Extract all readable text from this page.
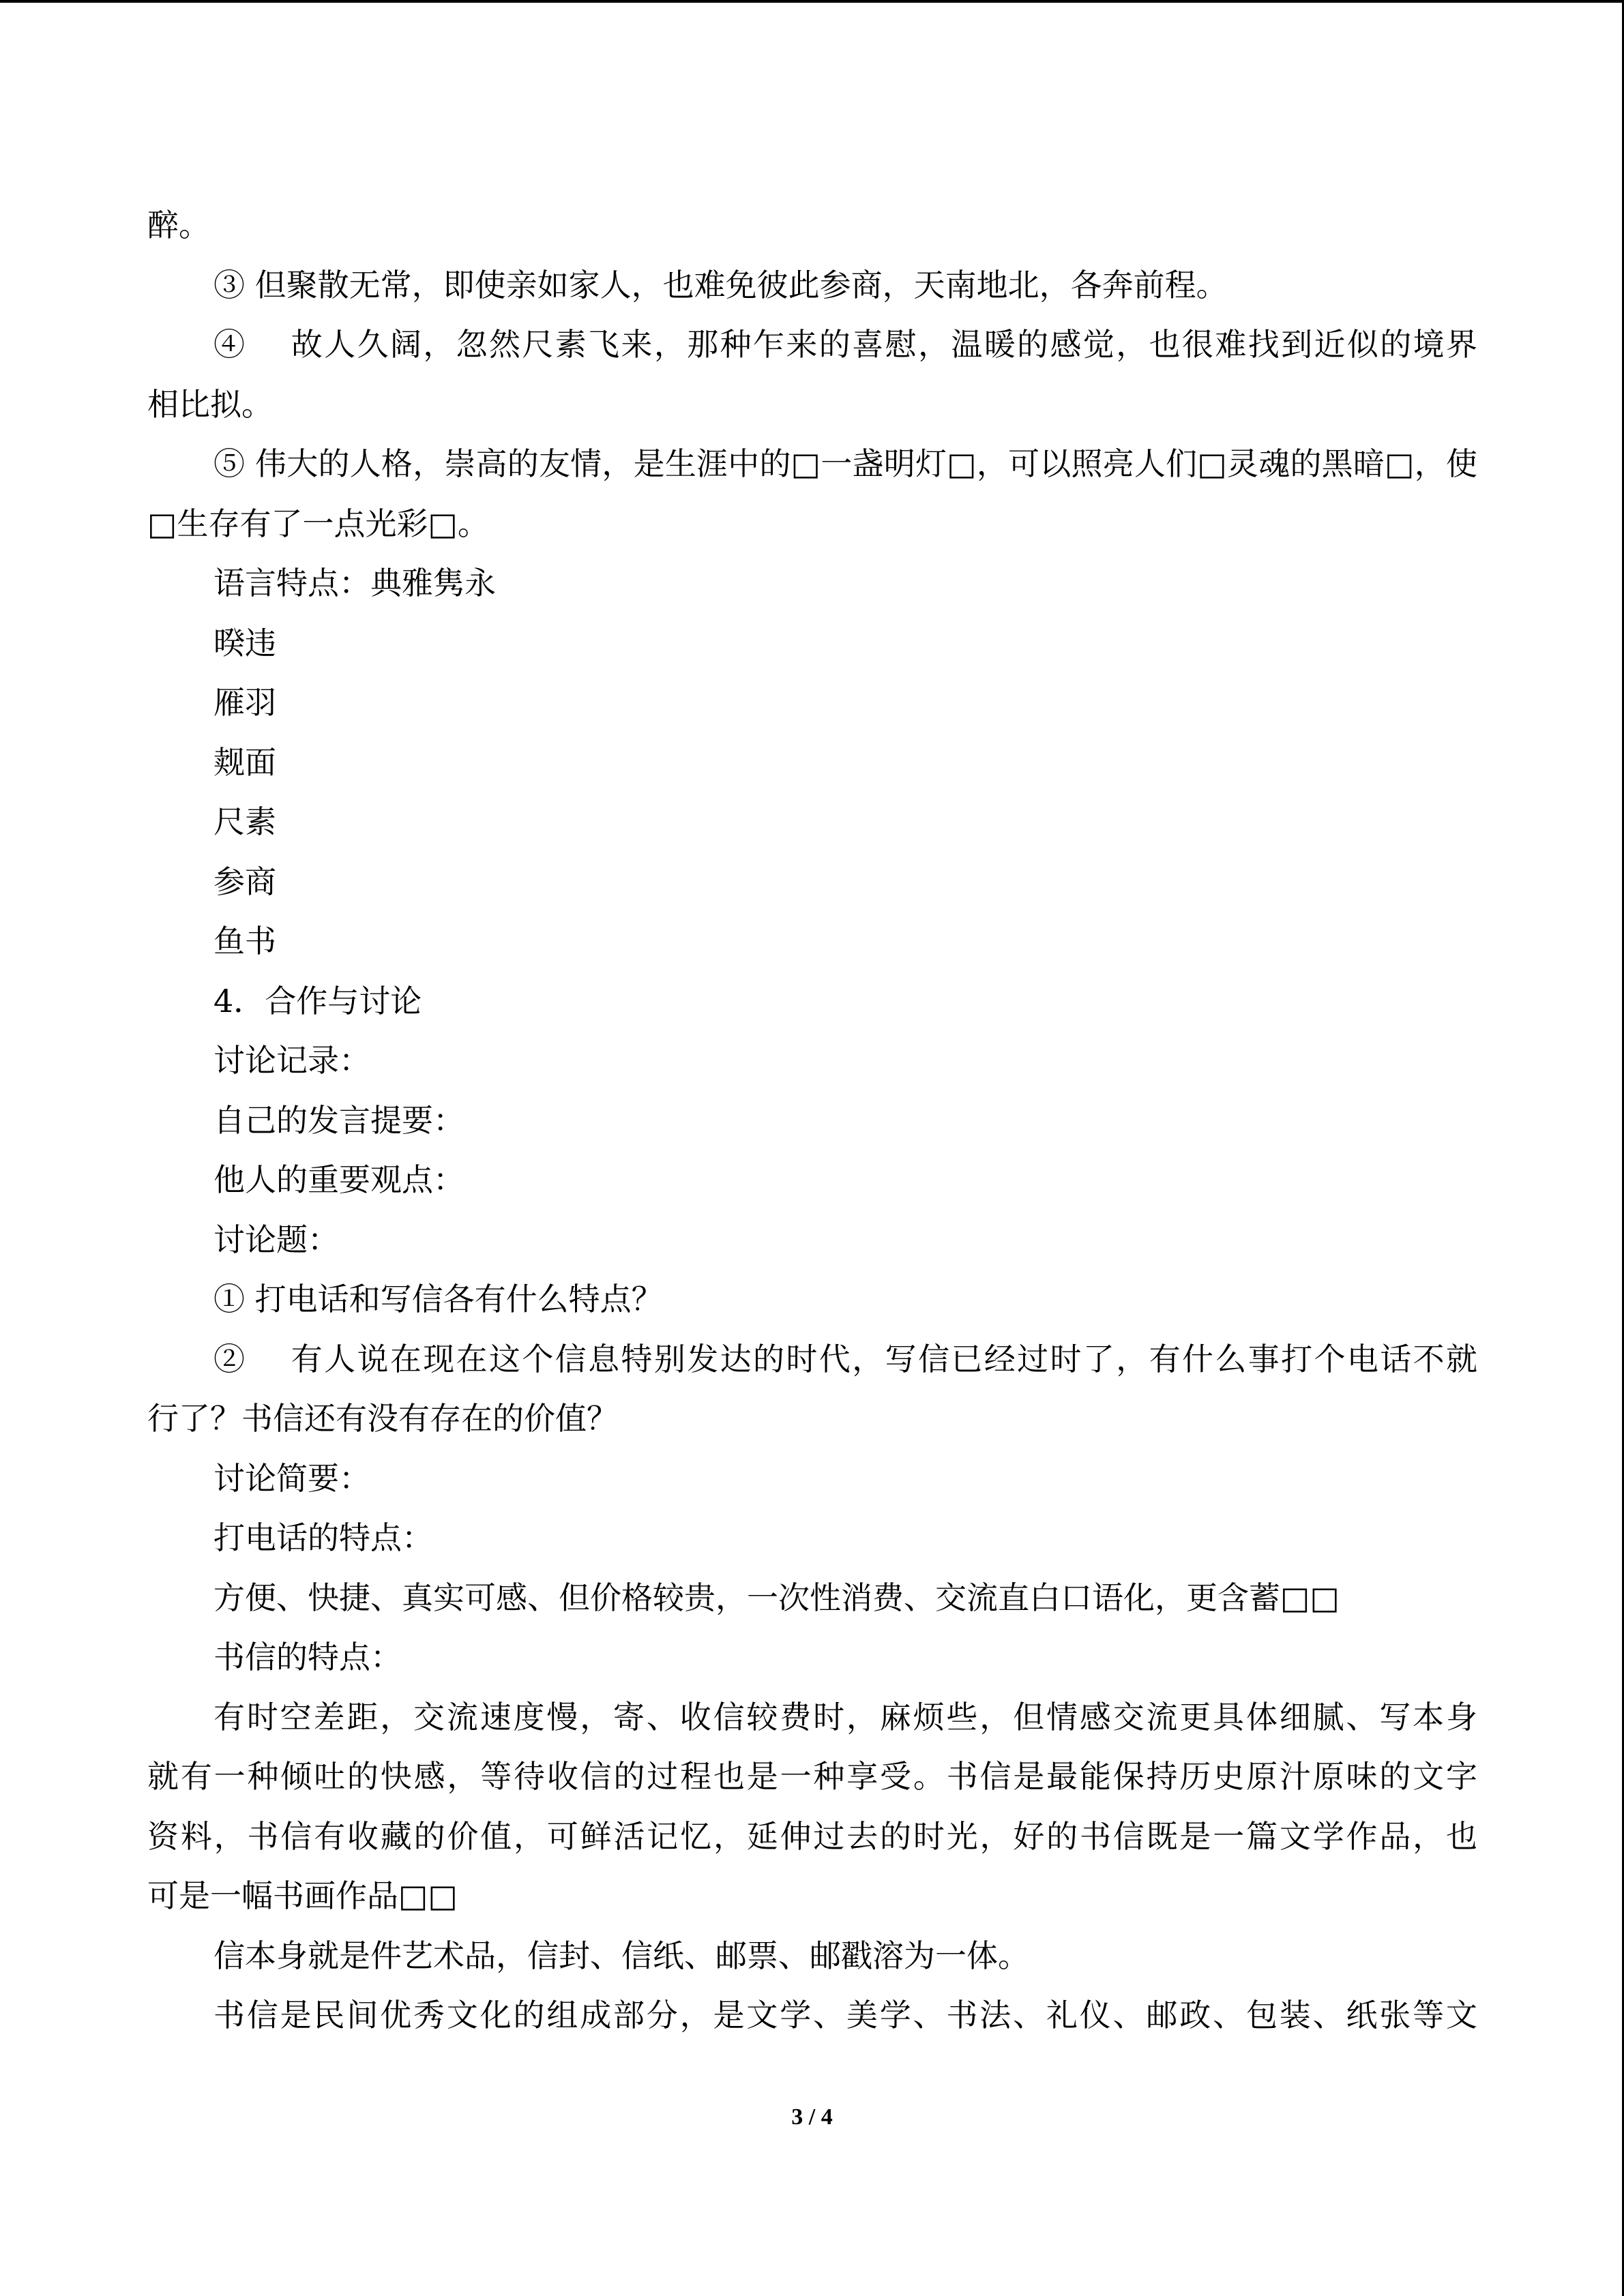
醉。
③ 但聚散无常，即使亲如家人，也难免彼此参商，天南地北，各奔前程。
④　 故人久阔，忽然尺素飞来，那种乍来的喜慰，温暖的感觉，也很难找到近似的境界
相比拟。
⑤ 伟大的人格，崇高的友情，是生涯中的□一盏明灯□，可以照亮人们□灵魂的黑暗□，使
□生存有了一点光彩□。
语言特点：典雅隽永
暌违
雁羽
觌面
尺素
参商
鱼书
4．合作与讨论
讨论记录：
自己的发言提要：
他人的重要观点：
讨论题：
① 打电话和写信各有什么特点？
②　 有人说在现在这个信息特别发达的时代，写信已经过时了，有什么事打个电话不就
行了？书信还有没有存在的价值？
讨论简要：
打电话的特点：
方便、快捷、真实可感、但价格较贵，一次性消费、交流直白口语化，更含蓄□□
书信的特点：
有时空差距，交流速度慢，寄、收信较费时，麻烦些，但情感交流更具体细腻、写本身
就有一种倾吐的快感，等待收信的过程也是一种享受。书信是最能保持历史原汁原味的文字
资料，书信有收藏的价值，可鲜活记忆，延伸过去的时光，好的书信既是一篇文学作品，也
可是一幅书画作品□□
信本身就是件艺术品，信封、信纸、邮票、邮戳溶为一体。
书信是民间优秀文化的组成部分，是文学、美学、书法、礼仪、邮政、包装、纸张等文
3 / 4
